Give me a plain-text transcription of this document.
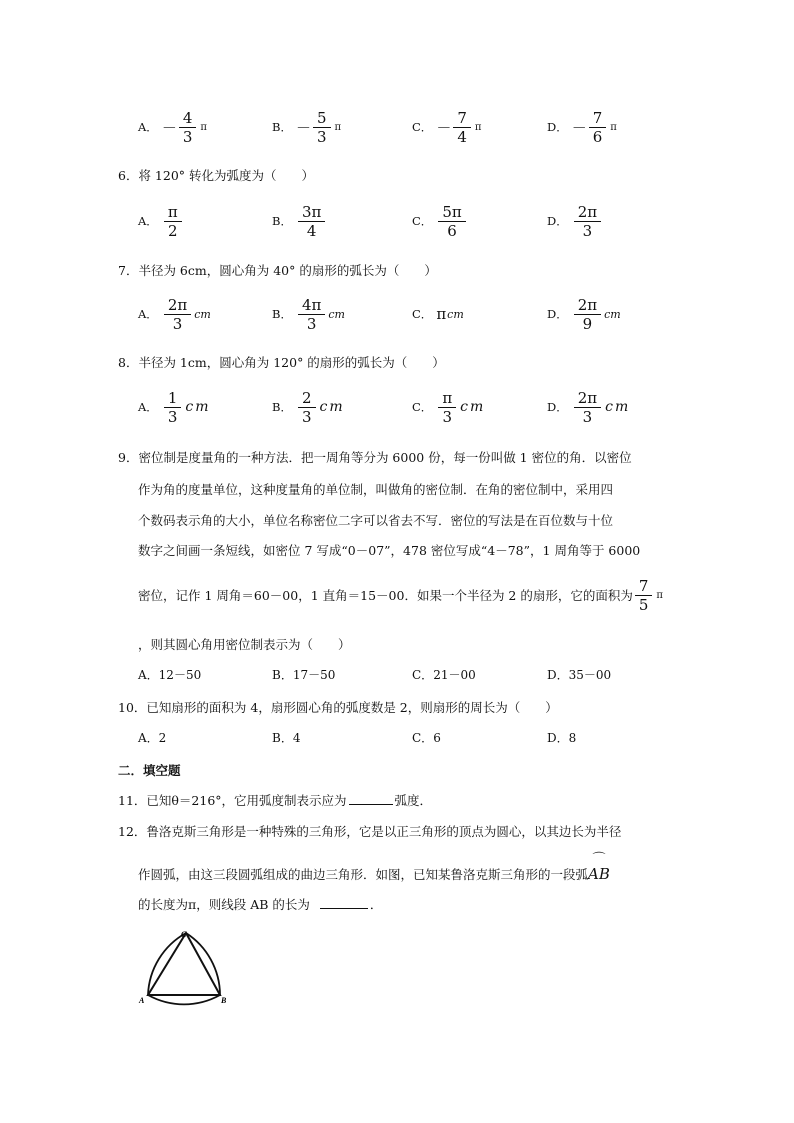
A． － $\frac{4}{3}$ π	B． － $\frac{5}{3}$ π	C． － $\frac{7}{4}$ π	D． － $\frac{7}{6}$ π
6．将 120° 转化为弧度为（　　）
A． $\frac{\pi}{2}$	B． $\frac{3\pi}{4}$	C． $\frac{5\pi}{6}$	D． $\frac{2\pi}{3}$
7．半径为 6cm，圆心角为 40° 的扇形的弧长为（　　）
A． $\frac{2\pi}{3}$ cm	B． $\frac{4\pi}{3}$ cm	C． π cm	D． $\frac{2\pi}{9}$ cm
8．半径为 1cm，圆心角为 120° 的扇形的弧长为（　　）
A． $\frac{1}{3}$ cm	B． $\frac{2}{3}$ cm	C． $\frac{\pi}{3}$ cm	D． $\frac{2\pi}{3}$ cm
9．密位制是度量角的一种方法．把一周角等分为 6000 份，每一份叫做 1 密位的角．以密位
作为角的度量单位，这种度量角的单位制，叫做角的密位制．在角的密位制中，采用四
个数码表示角的大小，单位名称密位二字可以省去不写．密位的写法是在百位数与十位
数字之间画一条短线，如密位 7 写成“0－07”，478 密位写成“4－78”，1 周角等于 6000
密位，记作 1 周角＝60－00，1 直角＝15－00．如果一个半径为 2 的扇形，它的面积为 $\frac{7}{5}$ π
，则其圆心角用密位制表示为（　　）
A．12－50	B．17－50	C．21－00	D．35－00
10．已知扇形的面积为 4，扇形圆心角的弧度数是 2，则扇形的周长为（　　）
A．2	B．4	C．6	D．8
二．填空题
11．已知θ＝216°，它用弧度制表示应为	弧度．
12．鲁洛克斯三角形是一种特殊的三角形，它是以正三角形的顶点为圆心，以其边长为半径
作圆弧，由这三段圆弧组成的曲边三角形．如图，已知某鲁洛克斯三角形的一段弧
⌒
AB
的长度为π，则线段 AB 的长为	．
C
A	B
